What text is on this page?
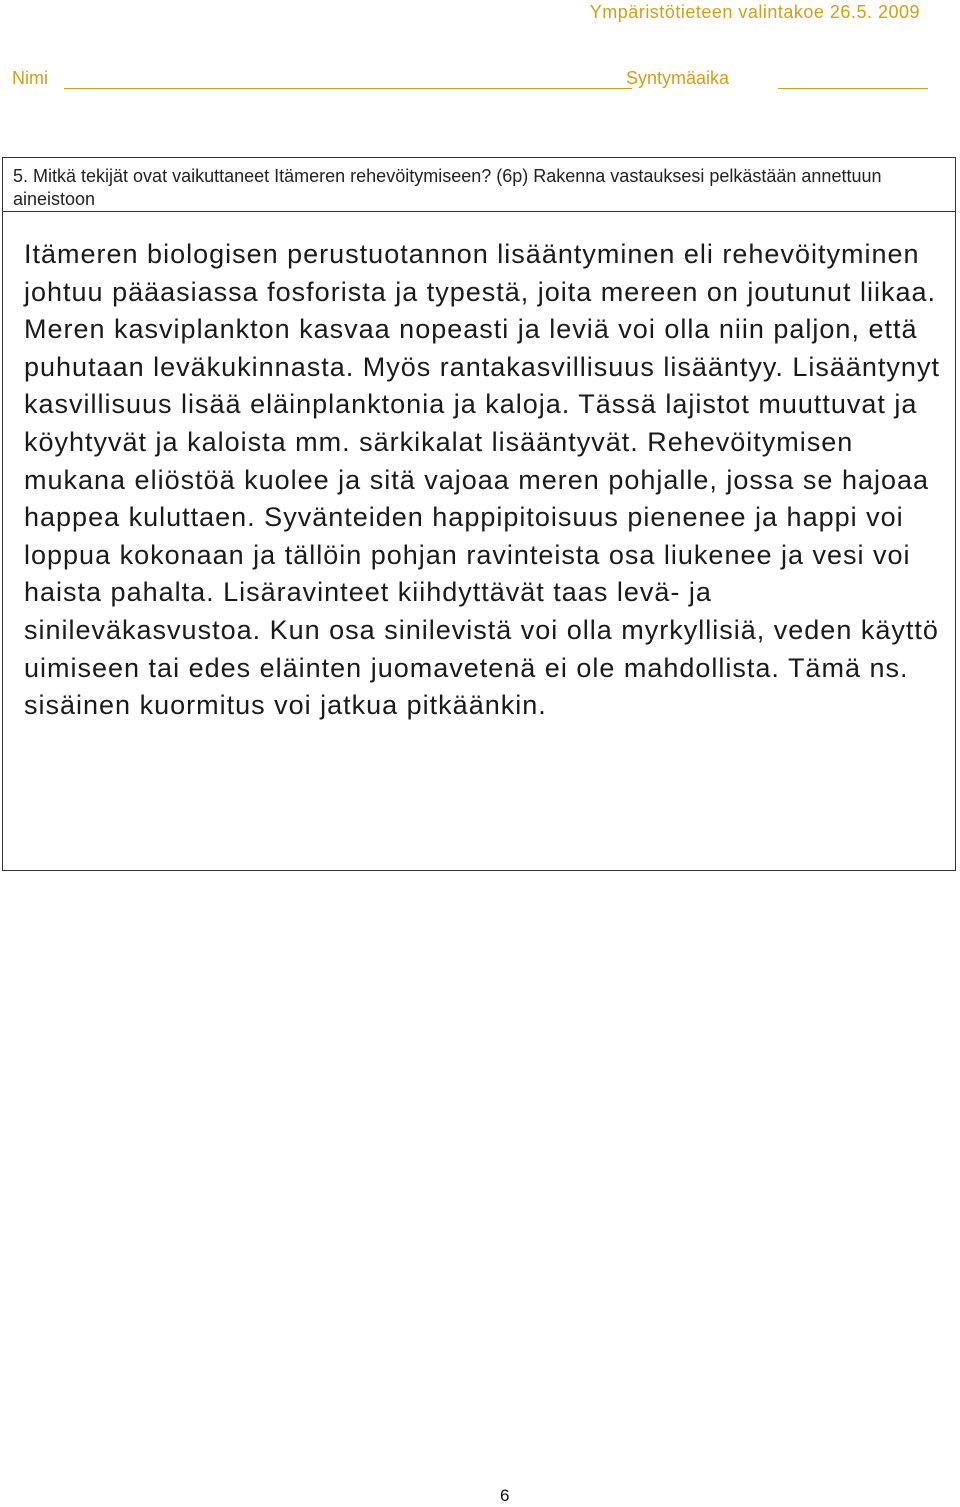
Ympäristötieteen valintakoe 26.5. 2009
Nimi	Syntymäaika

5. Mitkä tekijät ovat vaikuttaneet Itämeren rehevöitymiseen? (6p) Rakenna vastauksesi pelkästään annettuun aineistoon

Itämeren biologisen perustuotannon lisääntyminen eli rehevöityminen johtuu pääasiassa fosforista ja typestä, joita mereen on joutunut liikaa. Meren kasviplankton kasvaa nopeasti ja leviä voi olla niin paljon, että puhutaan leväkukinnasta. Myös rantakasvillisuus lisääntyy. Lisääntynyt kasvillisuus lisää eläinplanktonia ja kaloja. Tässä lajistot muuttuvat ja köyhtyvät ja kaloista mm. särkikalat lisääntyvät. Rehevöitymisen mukana eliöstöä kuolee ja sitä vajoaa meren pohjalle, jossa se hajoaa happea kuluttaen. Syvänteiden happipitoisuus pienenee ja happi voi loppua kokonaan ja tällöin pohjan ravinteista osa liukenee ja vesi voi haista pahalta. Lisäravinteet kiihdyttävät taas levä- ja sinileväkasvustoa. Kun osa sinilevistä voi olla myrkyllisiä, veden käyttö uimiseen tai edes eläinten juomavetenä ei ole mahdollista. Tämä ns. sisäinen kuormitus voi jatkua pitkäänkin.

6
